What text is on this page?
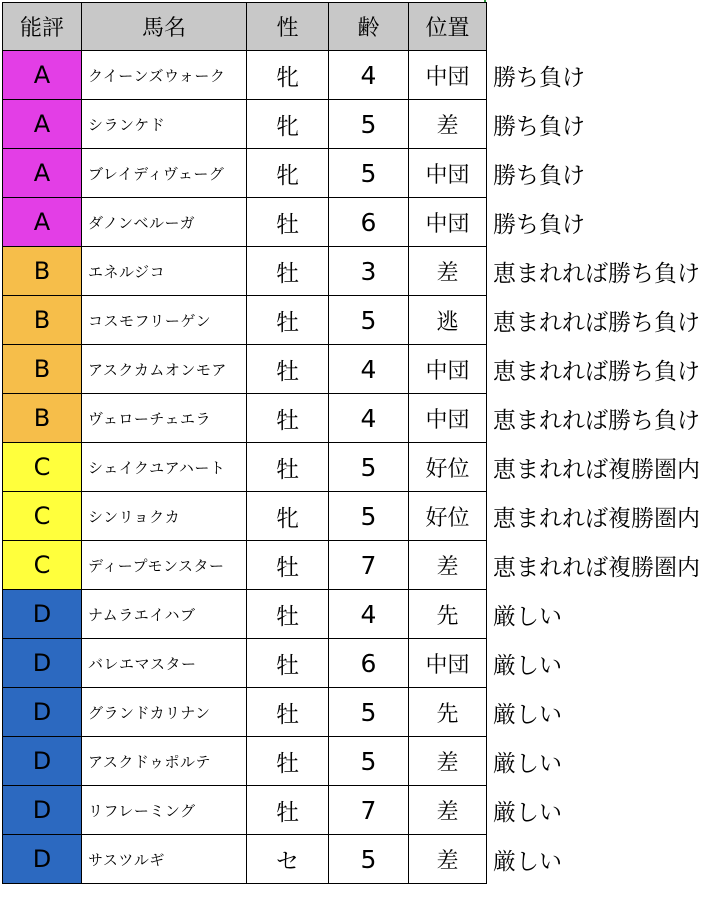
能評	馬名	性	齢	位置	
A	クイーンズウォーク	牝	4	中団	勝ち負け
A	シランケド	牝	5	差	勝ち負け
A	ブレイディヴェーグ	牝	5	中団	勝ち負け
A	ダノンベルーガ	牡	6	中団	勝ち負け
B	エネルジコ	牡	3	差	恵まれれば勝ち負け
B	コスモフリーゲン	牡	5	逃	恵まれれば勝ち負け
B	アスクカムオンモア	牡	4	中団	恵まれれば勝ち負け
B	ヴェローチェエラ	牡	4	中団	恵まれれば勝ち負け
C	シェイクユアハート	牡	5	好位	恵まれれば複勝圏内
C	シンリョクカ	牝	5	好位	恵まれれば複勝圏内
C	ディープモンスター	牡	7	差	恵まれれば複勝圏内
D	ナムラエイハブ	牡	4	先	厳しい
D	バレエマスター	牡	6	中団	厳しい
D	グランドカリナン	牡	5	先	厳しい
D	アスクドゥポルテ	牡	5	差	厳しい
D	リフレーミング	牡	7	差	厳しい
D	サスツルギ	セ	5	差	厳しい
